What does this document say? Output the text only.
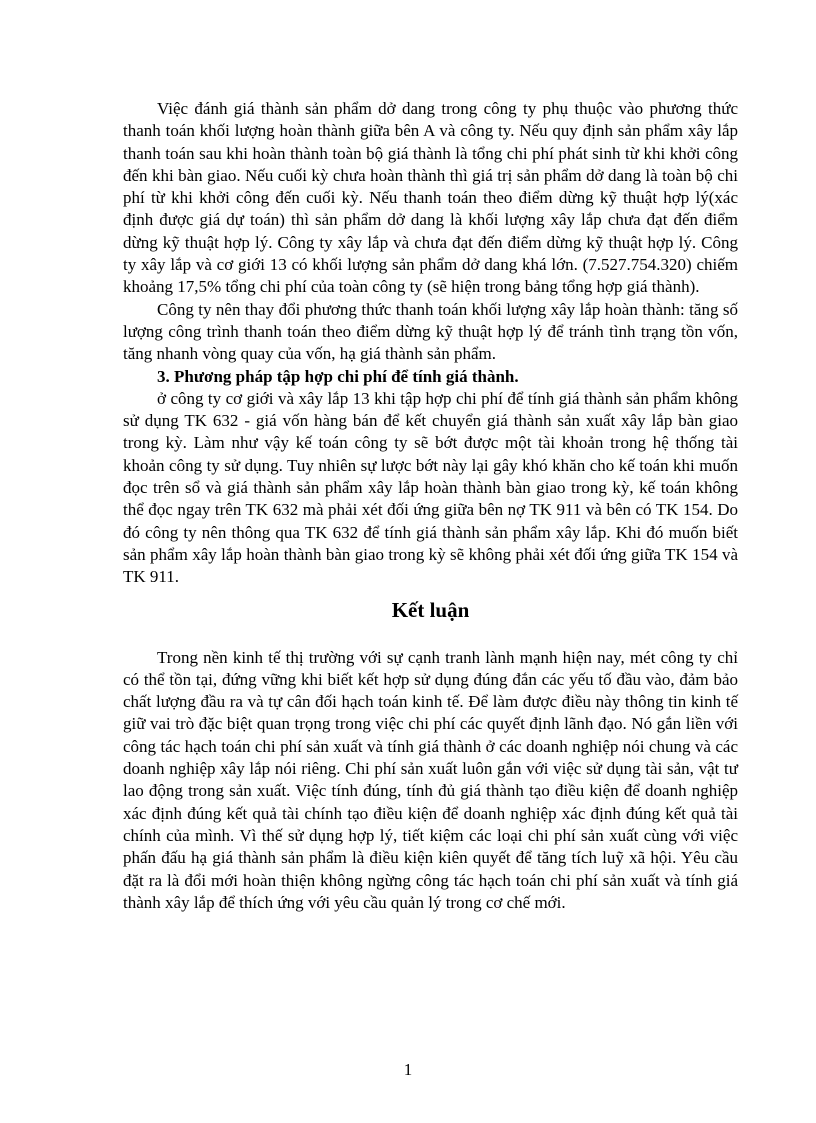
Việc đánh giá thành sản phẩm dở dang trong công ty phụ thuộc vào phương thức thanh toán khối lượng hoàn thành giữa bên A và công ty. Nếu quy định sản phẩm xây lắp thanh toán sau khi hoàn thành toàn bộ giá thành là tổng chi phí phát sinh từ khi khởi công đến khi bàn giao. Nếu cuối kỳ chưa hoàn thành thì giá trị sản phẩm dở dang là toàn bộ chi phí từ khi khởi công đến cuối kỳ. Nếu thanh toán theo điểm dừng kỹ thuật hợp lý(xác định được giá dự toán) thì sản phẩm dở dang là khối lượng xây lắp chưa đạt đến điểm dừng kỹ thuật hợp lý. Công ty xây lắp và chưa đạt đến điểm dừng kỹ thuật hợp lý. Công ty xây lắp và cơ giới 13 có khối lượng sản phẩm dở dang khá lớn. (7.527.754.320) chiếm khoảng 17,5% tổng chi phí của toàn công ty (sẽ hiện trong bảng tổng hợp giá thành).

Công ty nên thay đổi phương thức thanh toán khối lượng xây lắp hoàn thành: tăng số lượng công trình thanh toán theo điểm dừng kỹ thuật hợp lý để tránh tình trạng tồn vốn, tăng nhanh vòng quay của vốn, hạ giá thành sản phẩm.

3. Phương pháp tập hợp chi phí để tính giá thành.

ở công ty cơ giới và xây lắp 13 khi tập hợp chi phí để tính giá thành sản phẩm không sử dụng TK 632 - giá vốn hàng bán để kết chuyển giá thành sản xuất xây lắp bàn giao trong kỳ. Làm như vậy kế toán công ty sẽ bớt được một tài khoản trong hệ thống tài khoản công ty sử dụng. Tuy nhiên sự lược bớt này lại gây khó khăn cho kế toán khi muốn đọc trên sổ và giá thành sản phẩm xây lắp hoàn thành bàn giao trong kỳ, kế toán không thể đọc ngay trên TK 632 mà phải xét đối ứng giữa bên nợ TK 911 và bên có TK 154. Do đó công ty nên thông qua TK 632 để tính giá thành sản phẩm xây lắp. Khi đó muốn biết sản phẩm xây lắp hoàn thành bàn giao trong kỳ sẽ không phải xét đối ứng giữa TK 154 và TK 911.

Kết luận

Trong nền kinh tế thị trường với sự cạnh tranh lành mạnh hiện nay, mét công ty chỉ có thể tồn tại, đứng vững khi biết kết hợp sử dụng đúng đắn các yếu tố đầu vào, đảm bảo chất lượng đầu ra và tự cân đối hạch toán kinh tế. Để làm được điều này thông tin kinh tế giữ vai trò đặc biệt quan trọng trong việc chi phí các quyết định lãnh đạo. Nó gắn liền với công tác hạch toán chi phí sản xuất và tính giá thành ở các doanh nghiệp nói chung và các doanh nghiệp xây lắp nói riêng. Chi phí sản xuất luôn gắn với việc sử dụng tài sản, vật tư lao động trong sản xuất. Việc tính đúng, tính đủ giá thành tạo điều kiện để doanh nghiệp xác định đúng kết quả tài chính tạo điều kiện để doanh nghiệp xác định đúng kết quả tài chính của mình. Vì thế sử dụng hợp lý, tiết kiệm các loại chi phí sản xuất cùng với việc phấn đấu hạ giá thành sản phẩm là điều kiện kiên quyết để tăng tích luỹ xã hội. Yêu cầu đặt ra là đổi mới hoàn thiện không ngừng công tác hạch toán chi phí sản xuất và tính giá thành xây lắp để thích ứng với yêu cầu quản lý trong cơ chế mới.

1
